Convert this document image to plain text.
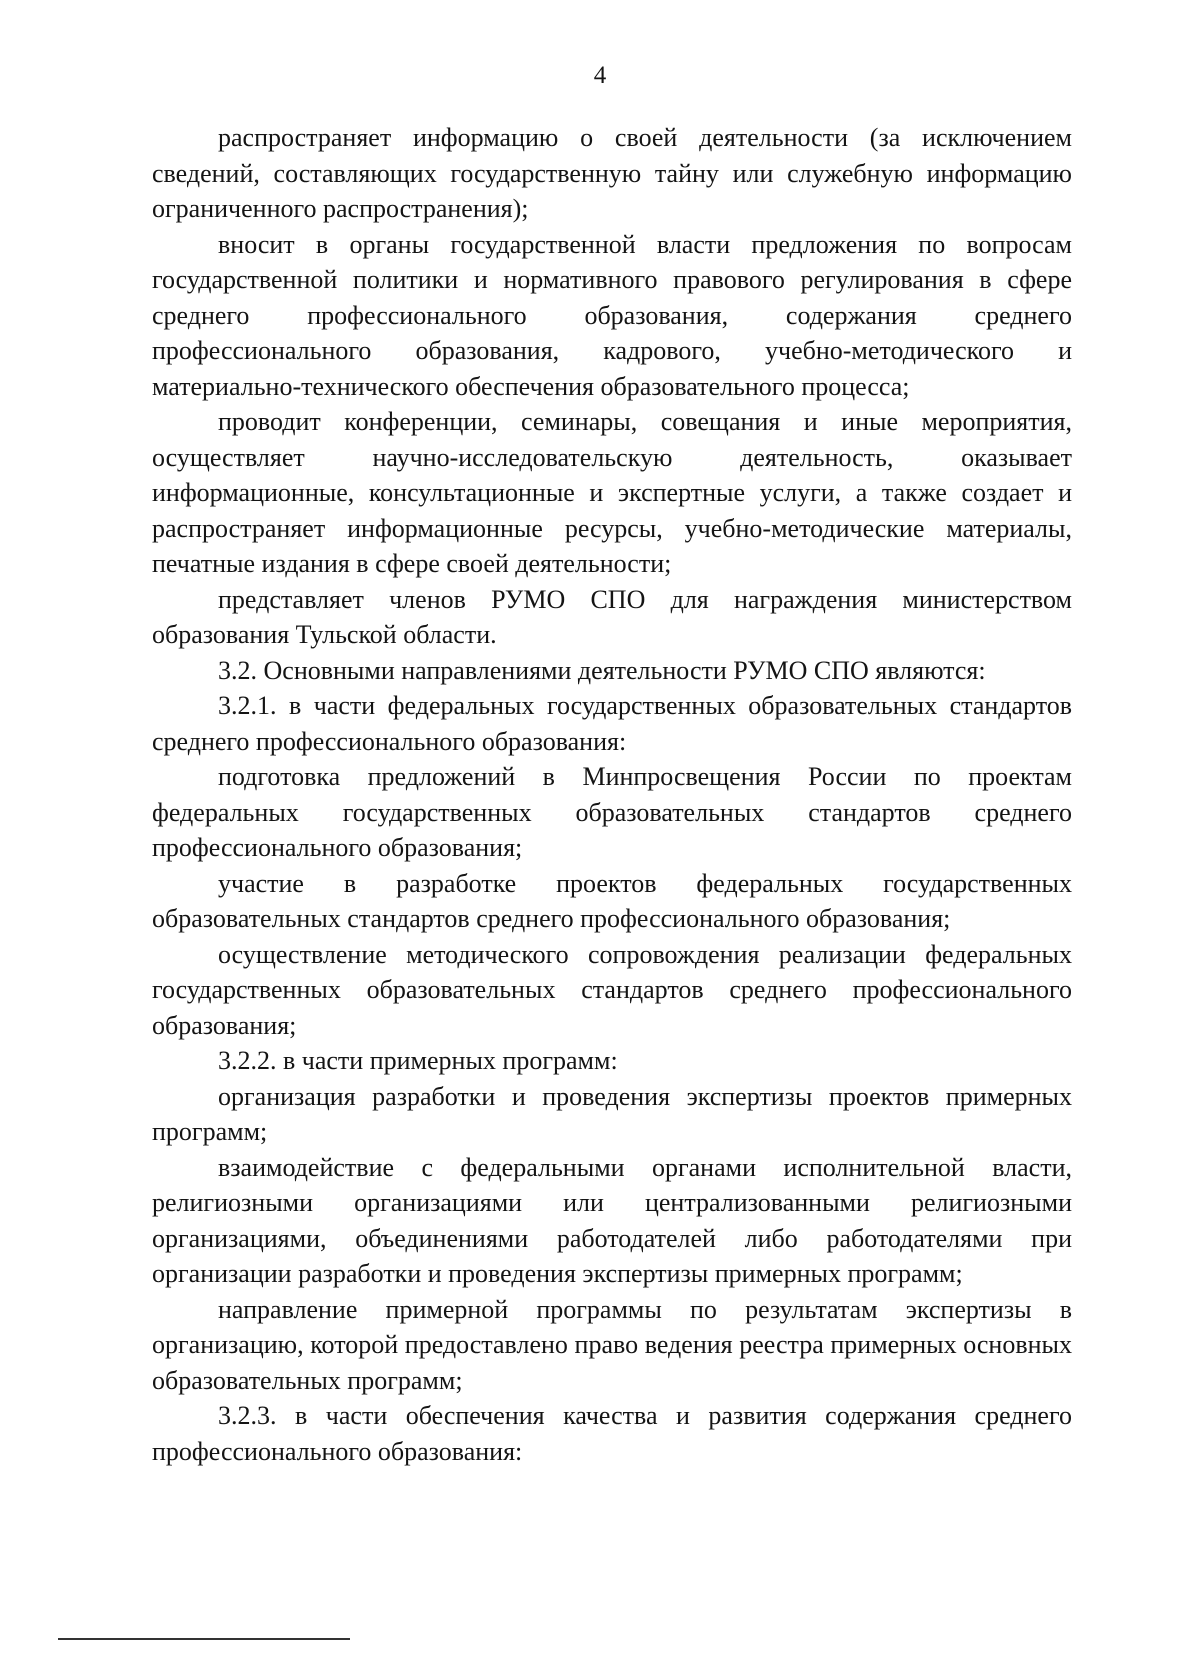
4

распространяет информацию о своей деятельности (за исключением сведений, составляющих государственную тайну или служебную информацию ограниченного распространения);

вносит в органы государственной власти предложения по вопросам государственной политики и нормативного правового регулирования в сфере среднего профессионального образования, содержания среднего профессионального образования, кадрового, учебно-методического и материально-технического обеспечения образовательного процесса;

проводит конференции, семинары, совещания и иные мероприятия, осуществляет научно-исследовательскую деятельность, оказывает информационные, консультационные и экспертные услуги, а также создает и распространяет информационные ресурсы, учебно-методические материалы, печатные издания в сфере своей деятельности;

представляет членов РУМО СПО для награждения министерством образования Тульской области.

3.2. Основными направлениями деятельности РУМО СПО являются:

3.2.1. в части федеральных государственных образовательных стандартов среднего профессионального образования:

подготовка предложений в Минпросвещения России по проектам федеральных государственных образовательных стандартов среднего профессионального образования;

участие в разработке проектов федеральных государственных образовательных стандартов среднего профессионального образования;

осуществление методического сопровождения реализации федеральных государственных образовательных стандартов среднего профессионального образования;

3.2.2. в части примерных программ:

организация разработки и проведения экспертизы проектов примерных программ;

взаимодействие с федеральными органами исполнительной власти, религиозными организациями или централизованными религиозными организациями, объединениями работодателей либо работодателями при организации разработки и проведения экспертизы примерных программ;

направление примерной программы по результатам экспертизы в организацию, которой предоставлено право ведения реестра примерных основных образовательных программ;

3.2.3. в части обеспечения качества и развития содержания среднего профессионального образования:
